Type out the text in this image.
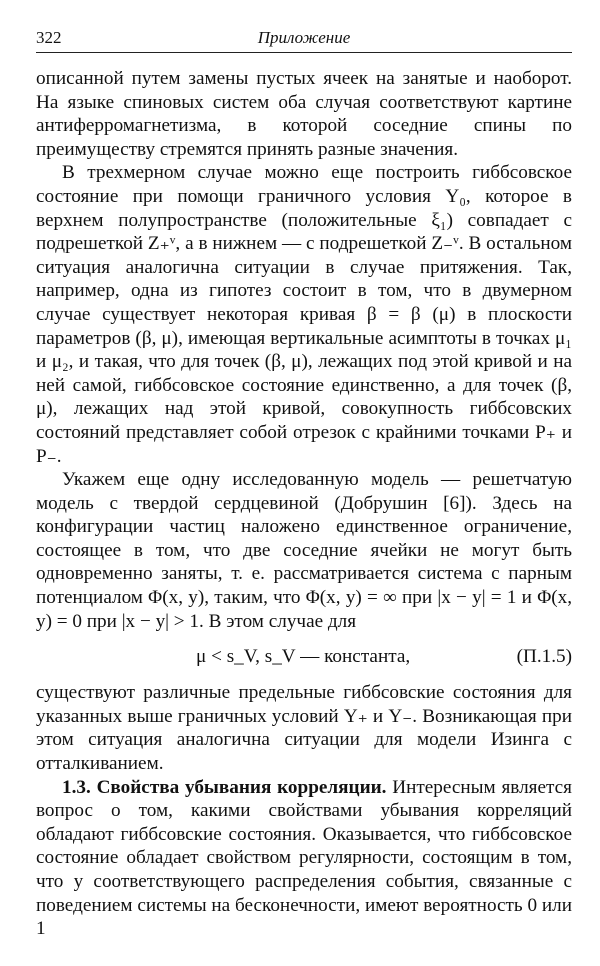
322	Приложение

описанной путем замены пустых ячеек на занятые и наоборот. На языке спиновых систем оба случая соответствуют картине антиферромагнетизма, в которой соседние спины по преимуществу стремятся принять разные значения.

В трехмерном случае можно еще построить гиббсовское состояние при помощи граничного условия Y₀, которое в верхнем полупространстве (положительные ξ₁) совпадает с подрешеткой Z₊ᵛ, а в нижнем — с подрешеткой Z₋ᵛ. В остальном ситуация аналогична ситуации в случае притяжения. Так, например, одна из гипотез состоит в том, что в двумерном случае существует некоторая кривая β = β (μ) в плоскости параметров (β, μ), имеющая вертикальные асимптоты в точках μ₁ и μ₂, и такая, что для точек (β, μ), лежащих под этой кривой и на ней самой, гиббсовское состояние единственно, а для точек (β, μ), лежащих над этой кривой, совокупность гиббсовских состояний представляет собой отрезок с крайними точками P₊ и P₋.

Укажем еще одну исследованную модель — решетчатую модель с твердой сердцевиной (Добрушин [6]). Здесь на конфигурации частиц наложено единственное ограничение, состоящее в том, что две соседние ячейки не могут быть одновременно заняты, т. е. рассматривается система с парным потенциалом Φ(x, y), таким, что Φ(x, y) = ∞ при |x − y| = 1 и Φ(x, y) = 0 при |x − y| > 1. В этом случае для

μ < s_V, s_V — константа,	(П.1.5)

существуют различные предельные гиббсовские состояния для указанных выше граничных условий Y₊ и Y₋. Возникающая при этом ситуация аналогична ситуации для модели Изинга с отталкиванием.

1.3. Свойства убывания корреляции. Интересным является вопрос о том, какими свойствами убывания корреляций обладают гиббсовские состояния. Оказывается, что гиббсовское состояние обладает свойством регулярности, состоящим в том, что у соответствующего распределения события, связанные с поведением системы на бесконечности, имеют вероятность 0 или 1
